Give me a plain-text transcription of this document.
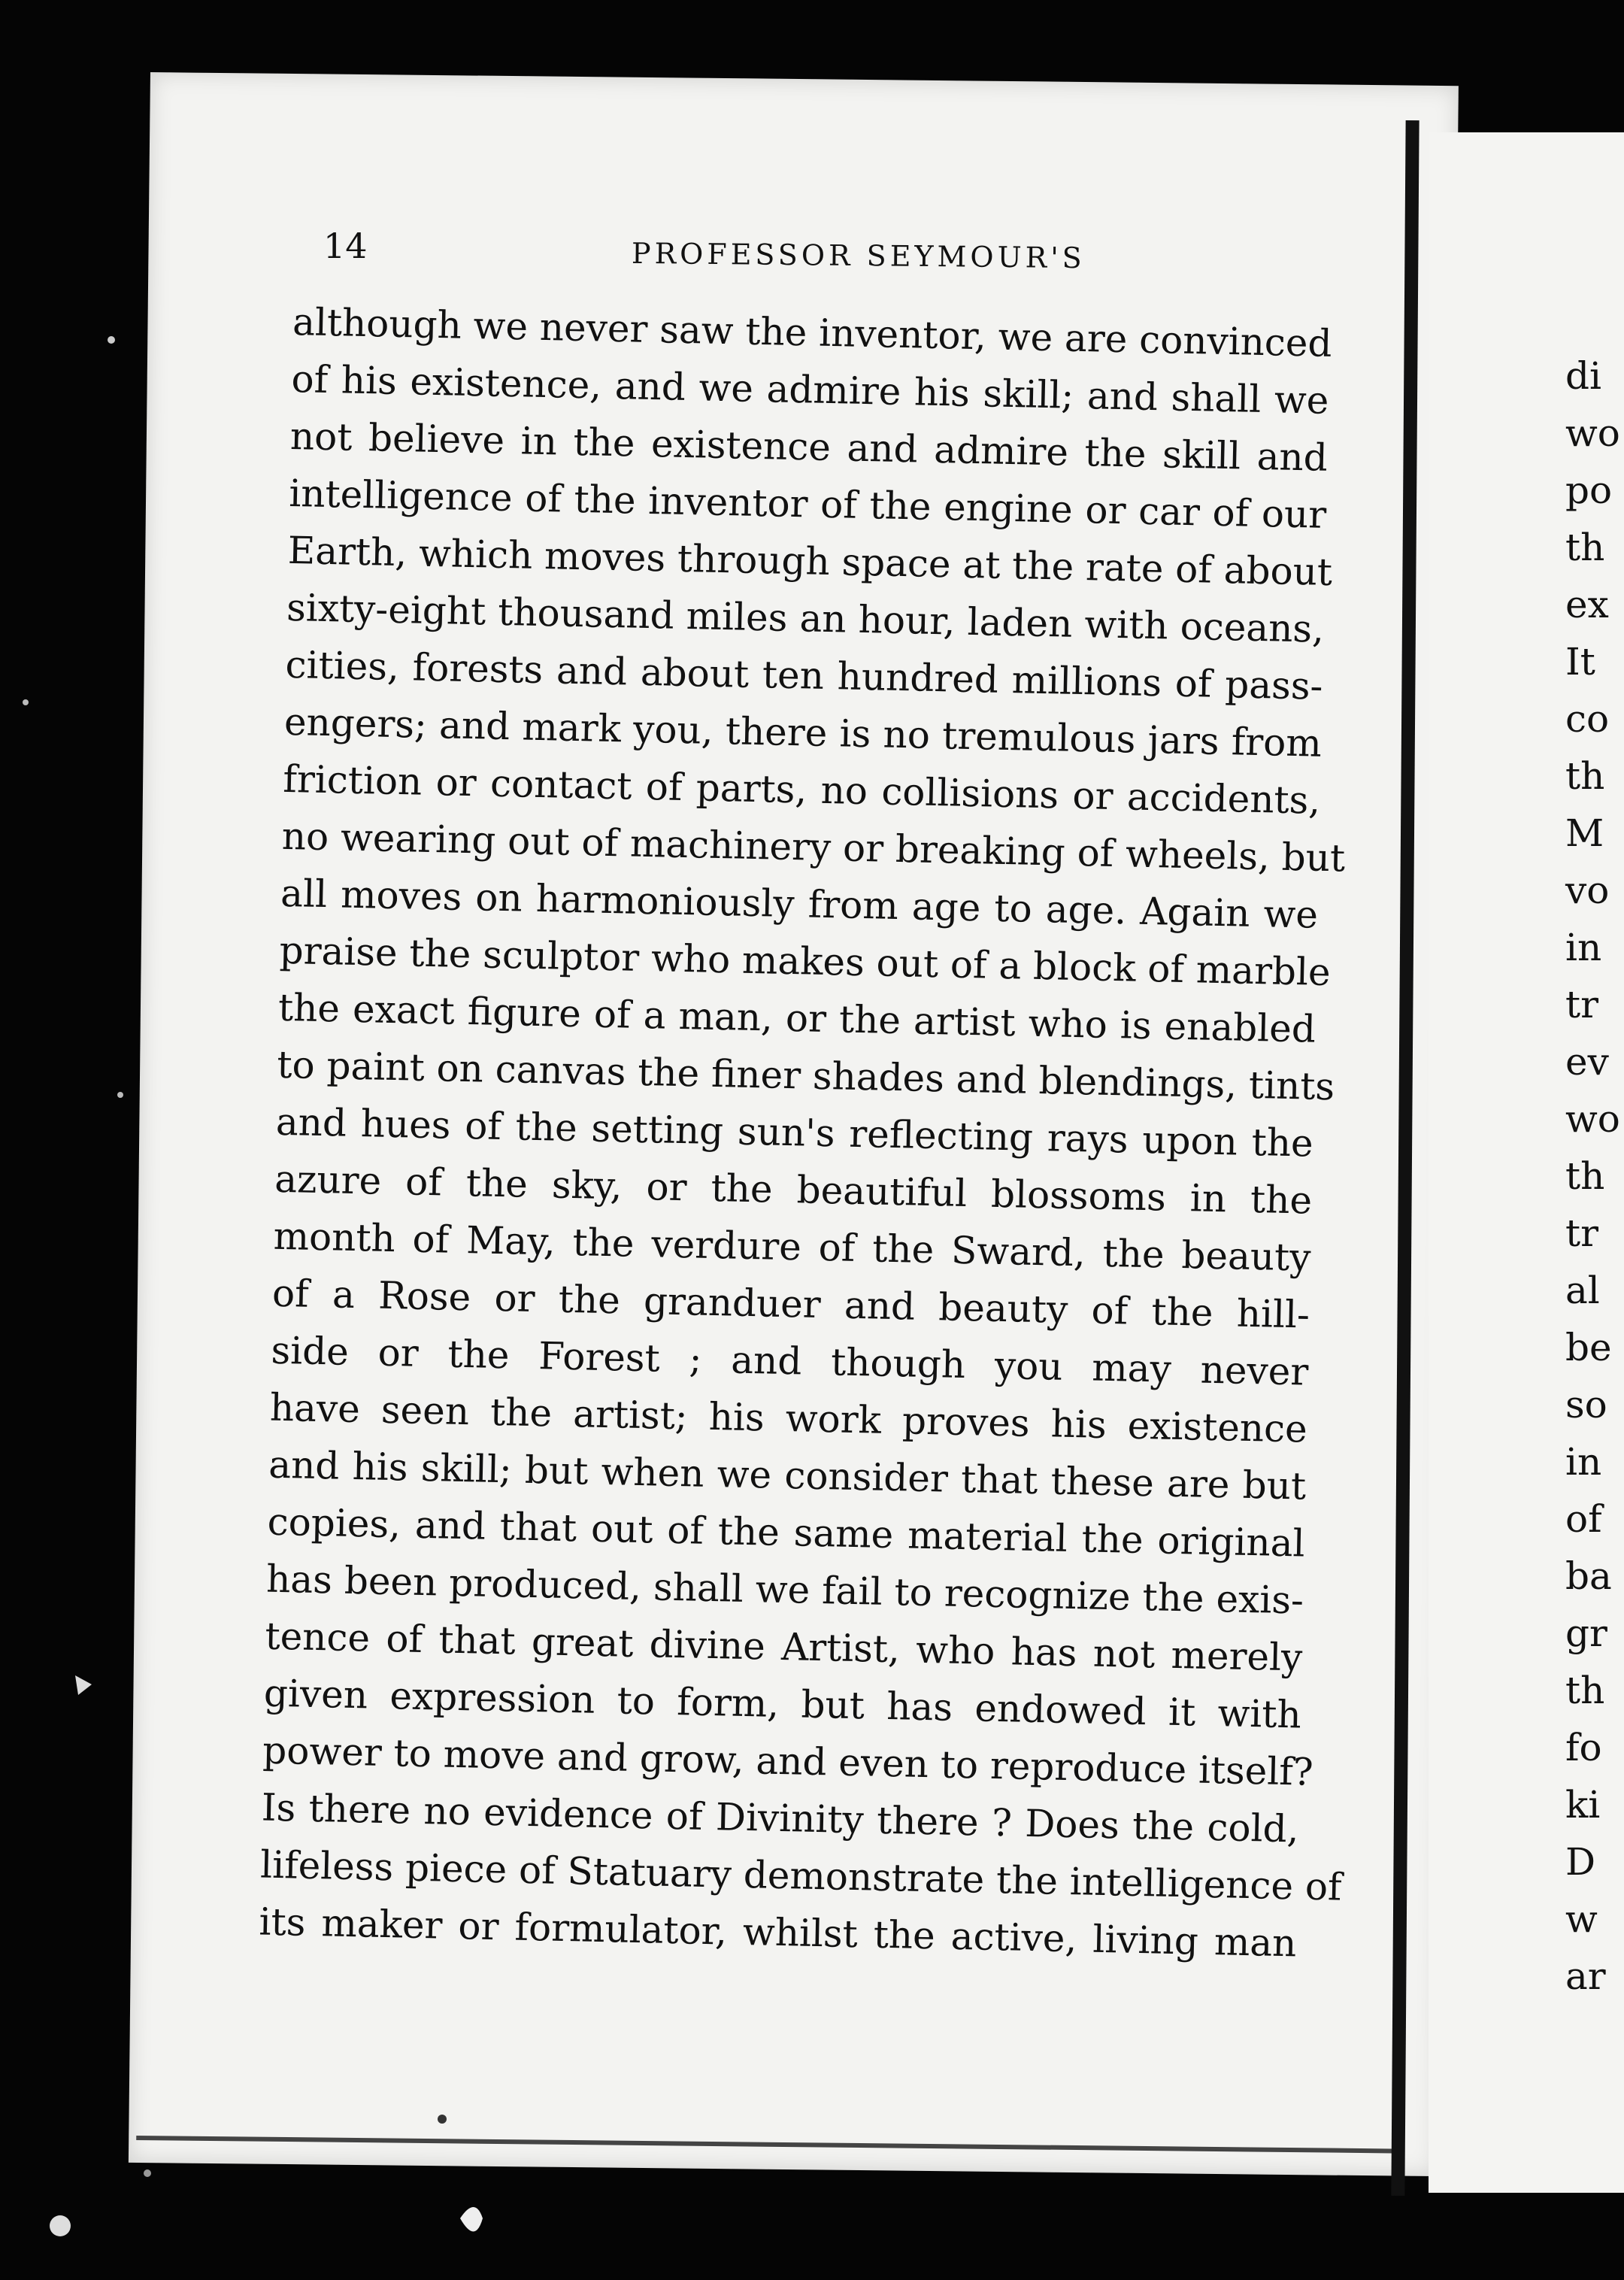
14	PROFESSOR SEYMOUR'S
although we never saw the inventor, we are convinced
of his existence, and we admire his skill; and shall we
not believe in the existence and admire the skill and
intelligence of the inventor of the engine or car of our
Earth, which moves through space at the rate of about
sixty-eight thousand miles an hour, laden with oceans,
cities, forests and about ten hundred millions of pass-
engers; and mark you, there is no tremulous jars from
friction or contact of parts, no collisions or accidents,
no wearing out of machinery or breaking of wheels, but
all moves on harmoniously from age to age. Again we
praise the sculptor who makes out of a block of marble
the exact figure of a man, or the artist who is enabled
to paint on canvas the finer shades and blendings, tints
and hues of the setting sun's reflecting rays upon the
azure of the sky, or the beautiful blossoms in the
month of May, the verdure of the Sward, the beauty
of a Rose or the granduer and beauty of the hill-
side or the Forest ; and though you may never
have seen the artist; his work proves his existence
and his skill; but when we consider that these are but
copies, and that out of the same material the original
has been produced, shall we fail to recognize the exis-
tence of that great divine Artist, who has not merely
given expression to form, but has endowed it with
power to move and grow, and even to reproduce itself?
Is there no evidence of Divinity there ? Does the cold,
lifeless piece of Statuary demonstrate the intelligence of
its maker or formulator, whilst the active, living man
di
wo
po
th
ex
It
co
th
M
vo
in
tr
ev
wo
th
tr
al
be
so
in
of
ba
gr
th
fo
ki
D
w
ar
